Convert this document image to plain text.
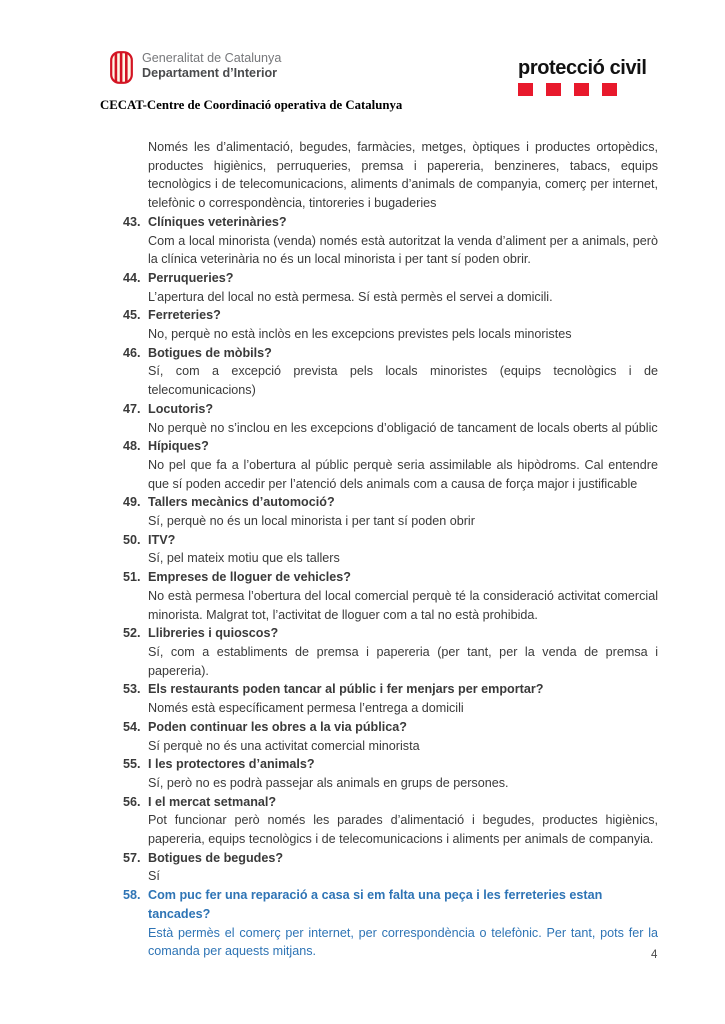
Generalitat de Catalunya
Departament d’Interior	protecció civil
CECAT-Centre de Coordinació operativa de Catalunya

Només les d’alimentació, begudes, farmàcies, metges, òptiques i productes ortopèdics, productes higiènics, perruqueries, premsa i papereria, benzineres, tabacs, equips tecnològics i de telecomunicacions, aliments d’animals de companyia, comerç per internet, telefònic o correspondència, tintoreries i bugaderies

43. Clíniques veterinàries?

Com a local minorista (venda) només està autoritzat la venda d’aliment per a animals, però la clínica veterinària no és un local minorista i per tant sí poden obrir.

44. Perruqueries?

L’apertura del local no està permesa. Sí està permès el servei a domicili.

45. Ferreteries?

No, perquè no està inclòs en les excepcions previstes pels locals minoristes

46. Botigues de mòbils?

Sí, com a excepció prevista pels locals minoristes (equips tecnològics i de telecomunicacions)

47. Locutoris?

No perquè no s’inclou en les excepcions d’obligació de tancament de locals oberts al públic

48. Hípiques?

No pel que fa a l’obertura al públic perquè seria assimilable als hipòdroms. Cal entendre que sí poden accedir per l’atenció dels animals com a causa de força major i justificable

49. Tallers mecànics d’automoció?

Sí, perquè no és un local minorista i per tant sí poden obrir

50. ITV?

Sí, pel mateix motiu que els tallers

51. Empreses de lloguer de vehicles?

No està permesa l’obertura del local comercial perquè té la consideració activitat comercial minorista. Malgrat tot, l’activitat de lloguer com a tal no està prohibida.

52. Llibreries i quioscos?

Sí, com a establiments de premsa i papereria (per tant, per la venda de premsa i papereria).

53. Els restaurants poden tancar al públic i fer menjars per emportar?

Només està específicament permesa l’entrega a domicili

54. Poden continuar les obres a la via pública?

Sí perquè no és una activitat comercial minorista

55. I les protectores d’animals?

Sí, però no es podrà passejar als animals en grups de persones.

56. I el mercat setmanal?

Pot funcionar però només les parades d’alimentació i begudes, productes higiènics, papereria, equips tecnològics i de telecomunicacions i aliments per animals de companyia.

57. Botigues de begudes?

Sí

58. Com puc fer una reparació a casa si em falta una peça i les ferreteries estan tancades?

Està permès el comerç per internet, per correspondència o telefònic. Per tant, pots fer la comanda per aquests mitjans.	4
